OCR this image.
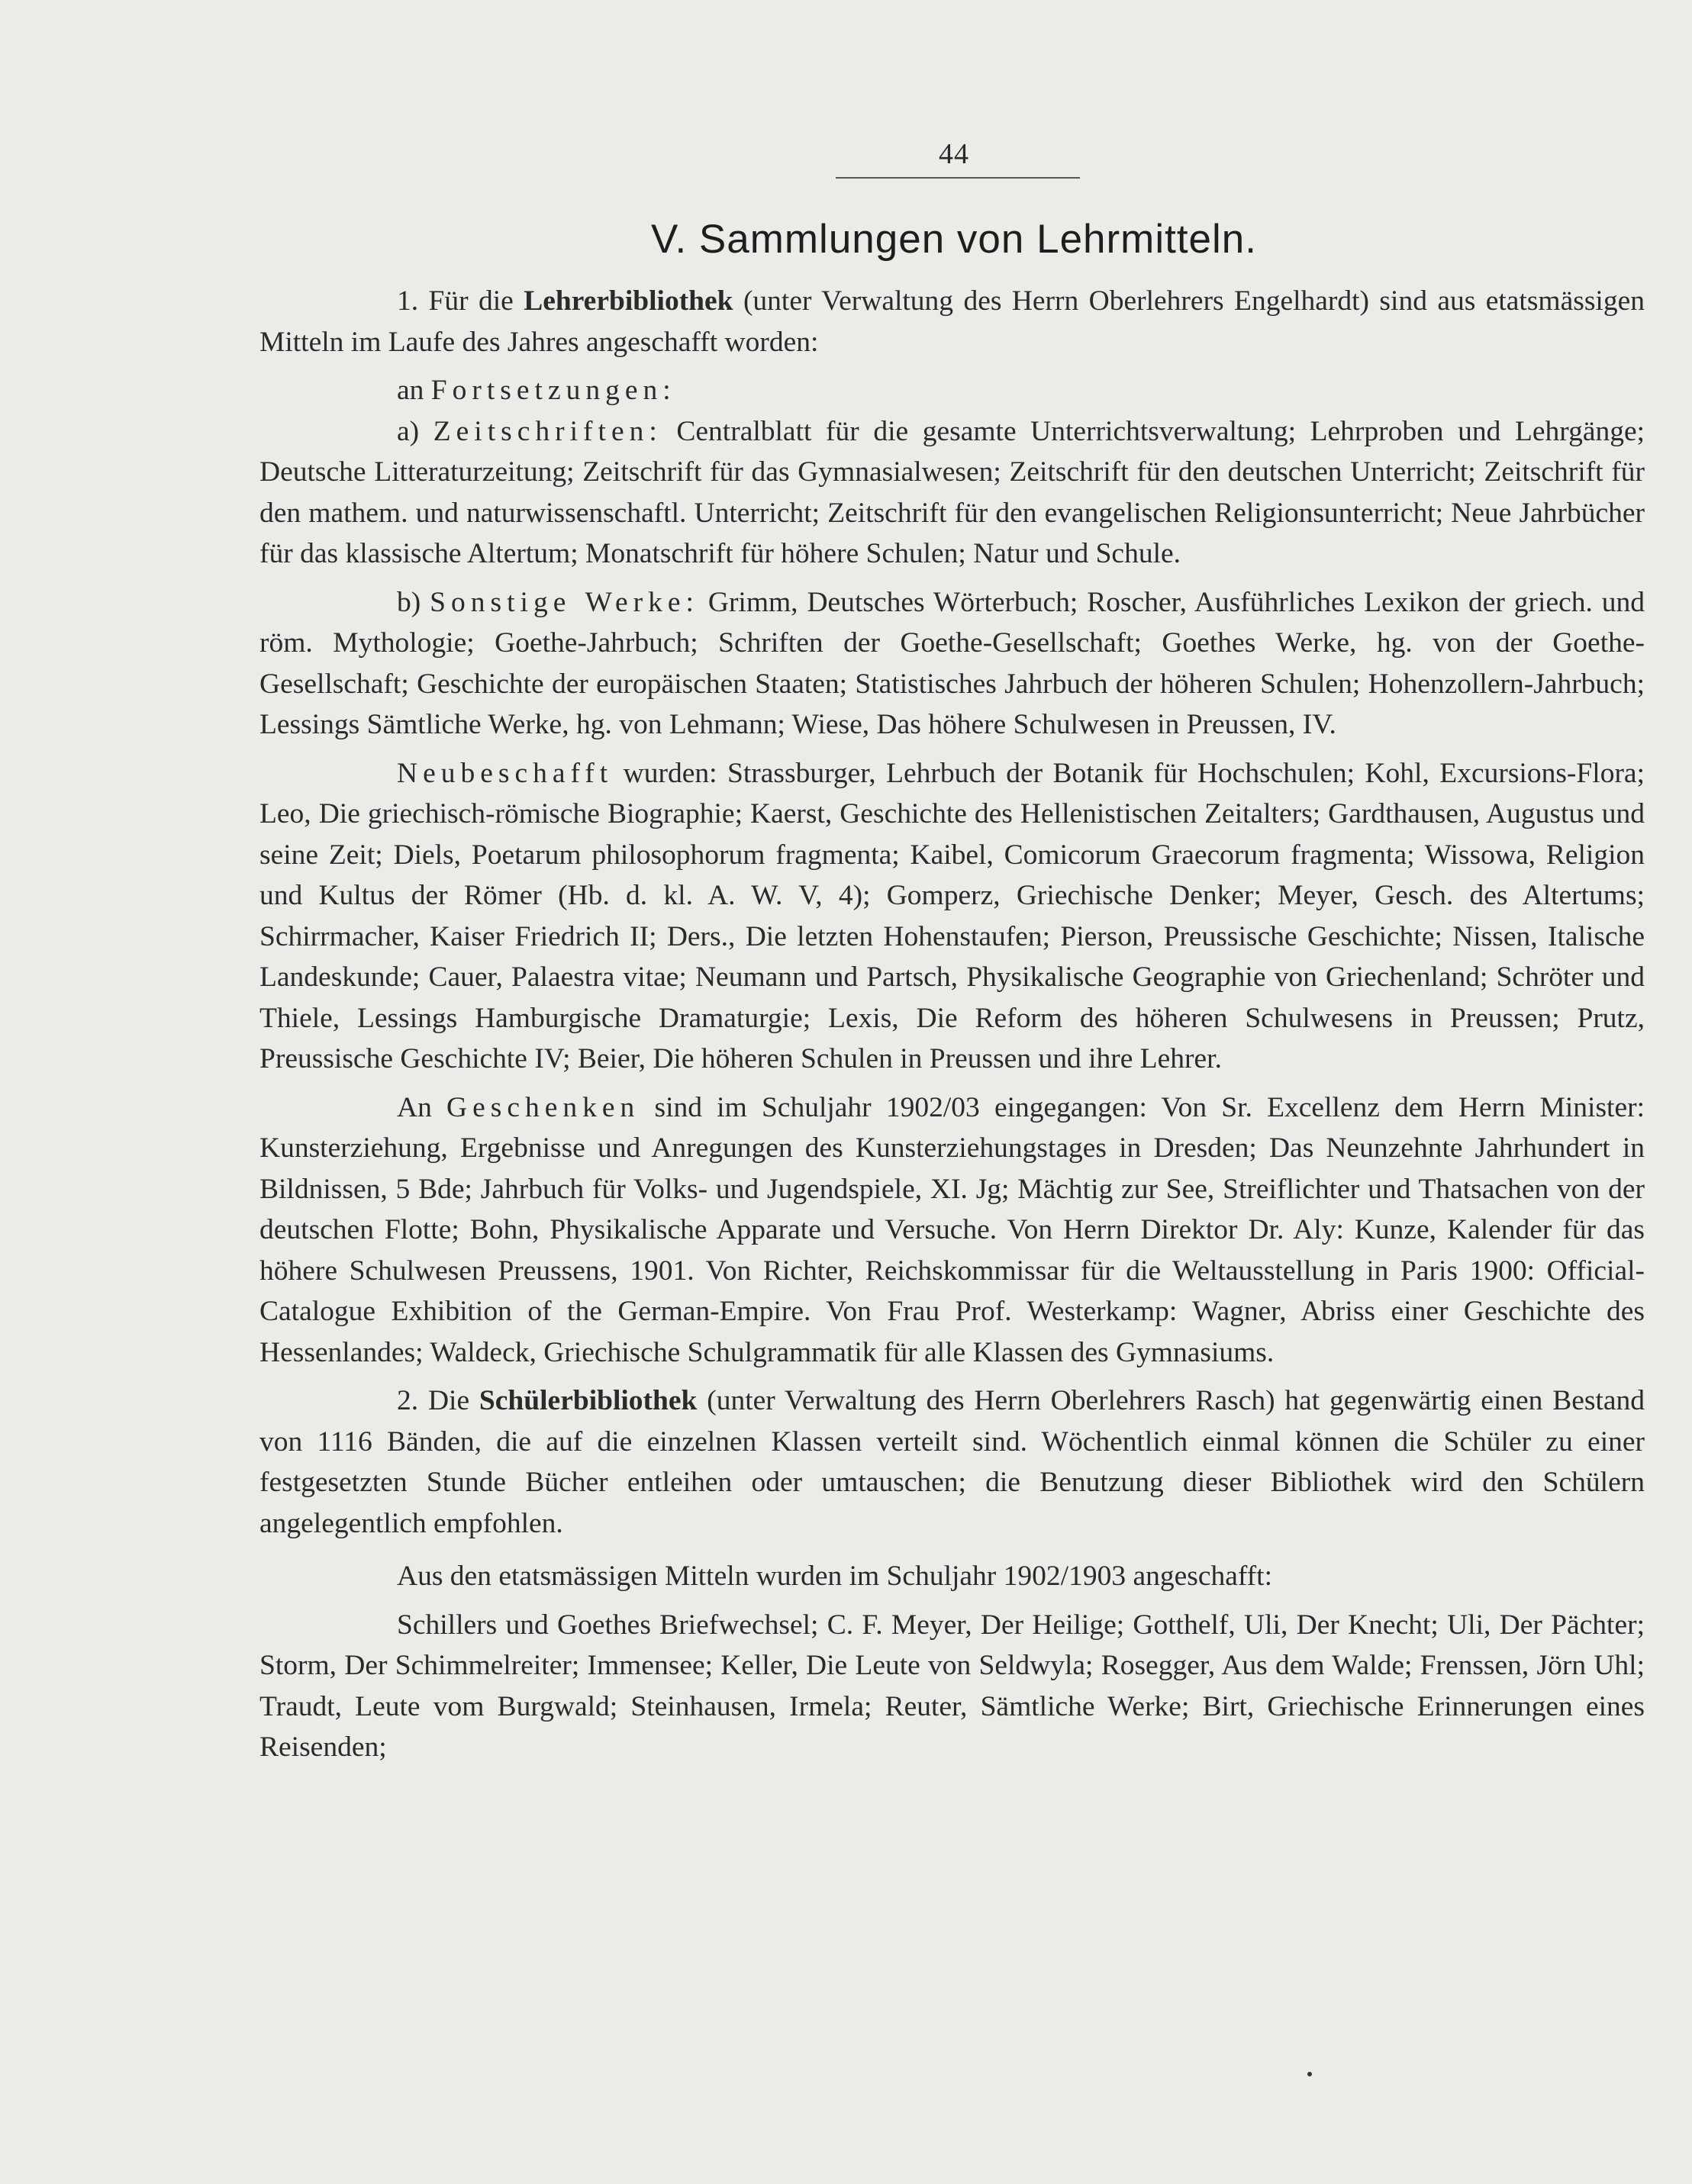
44
V. Sammlungen von Lehrmitteln.

1. Für die Lehrerbibliothek (unter Verwaltung des Herrn Oberlehrers Engelhardt) sind aus etatsmässigen Mitteln im Laufe des Jahres angeschafft worden:

an Fortsetzungen:

a) Zeitschriften: Centralblatt für die gesamte Unterrichtsverwaltung; Lehrproben und Lehrgänge; Deutsche Litteraturzeitung; Zeitschrift für das Gymnasialwesen; Zeitschrift für den deutschen Unterricht; Zeitschrift für den mathem. und naturwissenschaftl. Unterricht; Zeitschrift für den evangelischen Religionsunterricht; Neue Jahrbücher für das klassische Altertum; Monatschrift für höhere Schulen; Natur und Schule.

b) Sonstige Werke: Grimm, Deutsches Wörterbuch; Roscher, Ausführliches Lexikon der griech. und röm. Mythologie; Goethe-Jahrbuch; Schriften der Goethe-Gesellschaft; Goethes Werke, hg. von der Goethe-Gesellschaft; Geschichte der europäischen Staaten; Statistisches Jahrbuch der höheren Schulen; Hohenzollern-Jahrbuch; Lessings Sämtliche Werke, hg. von Lehmann; Wiese, Das höhere Schulwesen in Preussen, IV.

Neubeschafft wurden: Strassburger, Lehrbuch der Botanik für Hochschulen; Kohl, Excursions-Flora; Leo, Die griechisch-römische Biographie; Kaerst, Geschichte des Hellenistischen Zeitalters; Gardthausen, Augustus und seine Zeit; Diels, Poetarum philosophorum fragmenta; Kaibel, Comicorum Graecorum fragmenta; Wissowa, Religion und Kultus der Römer (Hb. d. kl. A. W. V, 4); Gomperz, Griechische Denker; Meyer, Gesch. des Altertums; Schirrmacher, Kaiser Friedrich II; Ders., Die letzten Hohenstaufen; Pierson, Preussische Geschichte; Nissen, Italische Landeskunde; Cauer, Palaestra vitae; Neumann und Partsch, Physikalische Geographie von Griechenland; Schröter und Thiele, Lessings Hamburgische Dramaturgie; Lexis, Die Reform des höheren Schulwesens in Preussen; Prutz, Preussische Geschichte IV; Beier, Die höheren Schulen in Preussen und ihre Lehrer.

An Geschenken sind im Schuljahr 1902/03 eingegangen: Von Sr. Excellenz dem Herrn Minister: Kunsterziehung, Ergebnisse und Anregungen des Kunsterziehungstages in Dresden; Das Neunzehnte Jahrhundert in Bildnissen, 5 Bde; Jahrbuch für Volks- und Jugendspiele, XI. Jg; Mächtig zur See, Streiflichter und Thatsachen von der deutschen Flotte; Bohn, Physikalische Apparate und Versuche. Von Herrn Direktor Dr. Aly: Kunze, Kalender für das höhere Schulwesen Preussens, 1901. Von Richter, Reichskommissar für die Weltausstellung in Paris 1900: Official-Catalogue Exhibition of the German-Empire. Von Frau Prof. Westerkamp: Wagner, Abriss einer Geschichte des Hessenlandes; Waldeck, Griechische Schulgrammatik für alle Klassen des Gymnasiums.

2. Die Schülerbibliothek (unter Verwaltung des Herrn Oberlehrers Rasch) hat gegenwärtig einen Bestand von 1116 Bänden, die auf die einzelnen Klassen verteilt sind. Wöchentlich einmal können die Schüler zu einer festgesetzten Stunde Bücher entleihen oder umtauschen; die Benutzung dieser Bibliothek wird den Schülern angelegentlich empfohlen.

Aus den etatsmässigen Mitteln wurden im Schuljahr 1902/1903 angeschafft:

Schillers und Goethes Briefwechsel; C. F. Meyer, Der Heilige; Gotthelf, Uli, Der Knecht; Uli, Der Pächter; Storm, Der Schimmelreiter; Immensee; Keller, Die Leute von Seldwyla; Rosegger, Aus dem Walde; Frenssen, Jörn Uhl; Traudt, Leute vom Burgwald; Steinhausen, Irmela; Reuter, Sämtliche Werke; Birt, Griechische Erinnerungen eines Reisenden;
